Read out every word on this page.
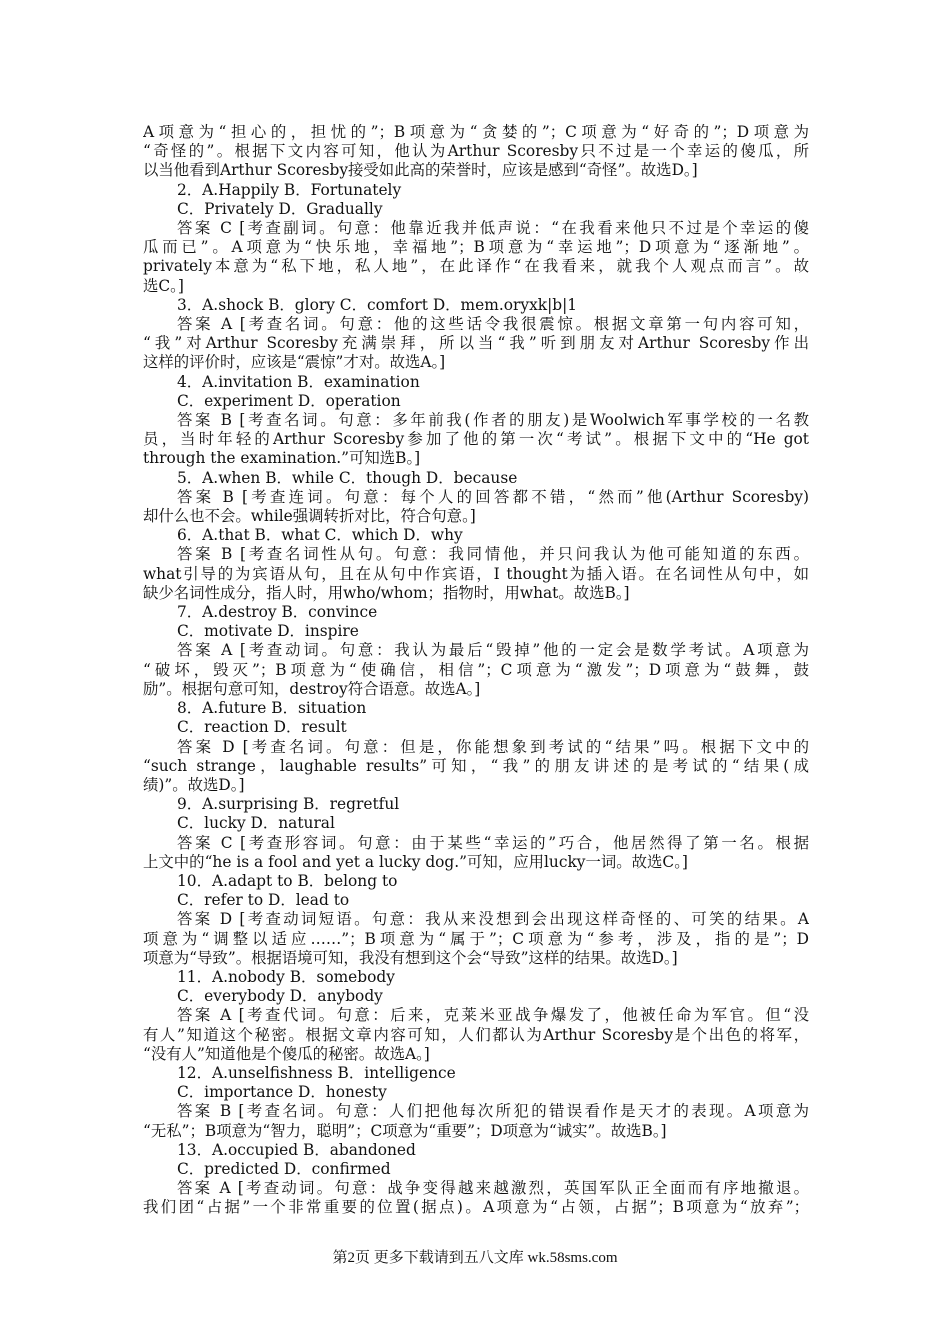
A项意为“担心的，担忧的”；B项意为“贪婪的”；C项意为“好奇的”；D项意为
“奇怪的”。根据下文内容可知，他认为Arthur Scoresby只不过是一个幸运的傻瓜，所
以当他看到Arthur Scoresby接受如此高的荣誉时，应该是感到“奇怪”。故选D。]
2．A.Happily B．Fortunately
C．Privately D．Gradually
答案 C [考查副词。句意：他靠近我并低声说：“在我看来他只不过是个幸运的傻
瓜而已”。A项意为“快乐地，幸福地”；B项意为“幸运地”；D项意为“逐渐地”。
privately本意为“私下地，私人地”，在此译作“在我看来，就我个人观点而言”。故
选C。]
3．A.shock B．glory C．comfort D．mem.oryxk|b|1
答案 A [考查名词。句意：他的这些话令我很震惊。根据文章第一句内容可知，
“我”对Arthur Scoresby充满崇拜，所以当“我”听到朋友对Arthur Scoresby作出
这样的评价时，应该是“震惊”才对。故选A。]
4．A.invitation B．examination
C．experiment D．operation
答案 B [考查名词。句意：多年前我(作者的朋友)是Woolwich军事学校的一名教
员，当时年轻的Arthur Scoresby参加了他的第一次“考试”。根据下文中的“He got
through the examination.”可知选B。]
5．A.when B．while C．though D．because
答案 B [考查连词。句意：每个人的回答都不错，“然而”他(Arthur Scoresby)
却什么也不会。while强调转折对比，符合句意。]
6．A.that B．what C．which D．why
答案 B [考查名词性从句。句意：我同情他，并只问我认为他可能知道的东西。
what引导的为宾语从句，且在从句中作宾语，I thought为插入语。在名词性从句中，如
缺少名词性成分，指人时，用who/whom；指物时，用what。故选B。]
7．A.destroy B．convince
C．motivate D．inspire
答案 A [考查动词。句意：我认为最后“毁掉”他的一定会是数学考试。A项意为
“破坏，毁灭”；B项意为“使确信，相信”；C项意为“激发”；D项意为“鼓舞，鼓
励”。根据句意可知，destroy符合语意。故选A。]
8．A.future B．situation
C．reaction D．result
答案 D [考查名词。句意：但是，你能想象到考试的“结果”吗。根据下文中的
“such strange，laughable results”可知，“我”的朋友讲述的是考试的“结果(成
绩)”。故选D。]
9．A.surprising B．regretful
C．lucky D．natural
答案 C [考查形容词。句意：由于某些“幸运的”巧合，他居然得了第一名。根据
上文中的“he is a fool and yet a lucky dog.”可知，应用lucky一词。故选C。]
10．A.adapt to B．belong to
C．refer to D．lead to
答案 D [考查动词短语。句意：我从来没想到会出现这样奇怪的、可笑的结果。A
项意为“调整以适应……”；B项意为“属于”；C项意为“参考，涉及，指的是”；D
项意为“导致”。根据语境可知，我没有想到这个会“导致”这样的结果。故选D。]
11．A.nobody B．somebody
C．everybody D．anybody
答案 A [考查代词。句意：后来，克莱米亚战争爆发了，他被任命为军官。但“没
有人”知道这个秘密。根据文章内容可知，人们都认为Arthur Scoresby是个出色的将军，
“没有人”知道他是个傻瓜的秘密。故选A。]
12．A.unselfishness B．intelligence
C．importance D．honesty
答案 B [考查名词。句意：人们把他每次所犯的错误看作是天才的表现。A项意为
“无私”；B项意为“智力，聪明”；C项意为“重要”；D项意为“诚实”。故选B。]
13．A.occupied B．abandoned
C．predicted D．confirmed
答案 A [考查动词。句意：战争变得越来越激烈，英国军队正全面而有序地撤退。
我们团“占据”一个非常重要的位置(据点)。A项意为“占领，占据”；B项意为“放弃”；
第2页 更多下载请到五八文库 wk.58sms.com
